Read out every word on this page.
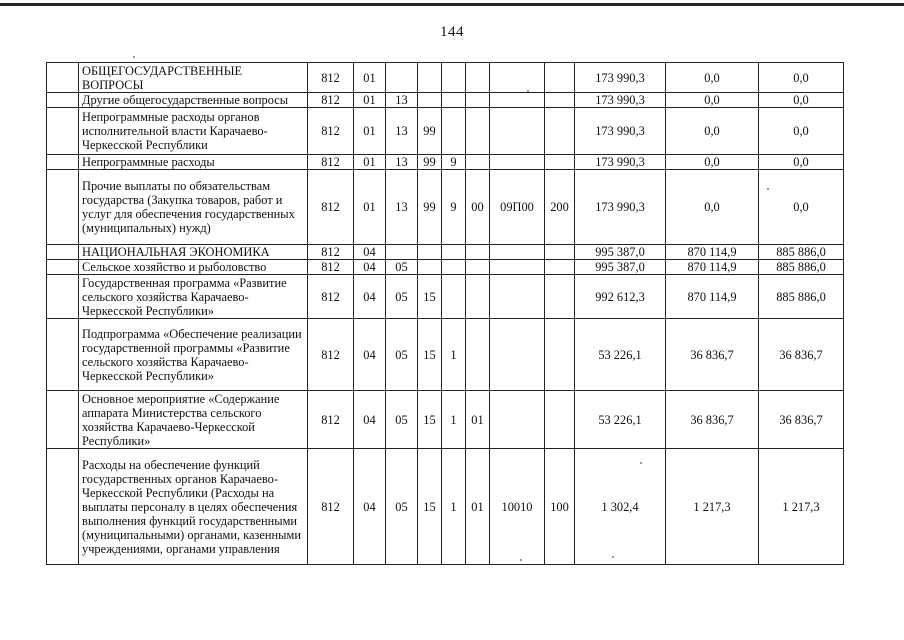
144
	ОБЩЕГОСУДАРСТВЕННЫЕ ВОПРОСЫ	812	01							173 990,3	0,0	0,0
	Другие общегосударственные вопросы	812	01	13						173 990,3	0,0	0,0
	Непрограммные расходы органов исполнительной власти Карачаево-Черкесской Республики	812	01	13	99					173 990,3	0,0	0,0
	Непрограммные расходы	812	01	13	99	9				173 990,3	0,0	0,0
	Прочие выплаты по обязательствам государства (Закупка товаров, работ и услуг для обеспечения государственных (муниципальных) нужд)	812	01	13	99	9	00	09П00	200	173 990,3	0,0	0,0
	НАЦИОНАЛЬНАЯ ЭКОНОМИКА	812	04							995 387,0	870 114,9	885 886,0
	Сельское хозяйство и рыболовство	812	04	05						995 387,0	870 114,9	885 886,0
	Государственная программа «Развитие сельского хозяйства Карачаево-Черкесской Республики»	812	04	05	15					992 612,3	870 114,9	885 886,0
	Подпрограмма «Обеспечение реализации государственной программы «Развитие сельского хозяйства Карачаево-Черкесской Республики»	812	04	05	15	1				53 226,1	36 836,7	36 836,7
	Основное мероприятие «Содержание аппарата Министерства сельского хозяйства Карачаево-Черкесской Республики»	812	04	05	15	1	01			53 226,1	36 836,7	36 836,7
	Расходы на обеспечение функций государственных органов Карачаево-Черкесской Республики (Расходы на выплаты персоналу в целях обеспечения выполнения функций государственными (муниципальными) органами, казенными учреждениями, органами управления	812	04	05	15	1	01	10010	100	1 302,4	1 217,3	1 217,3
